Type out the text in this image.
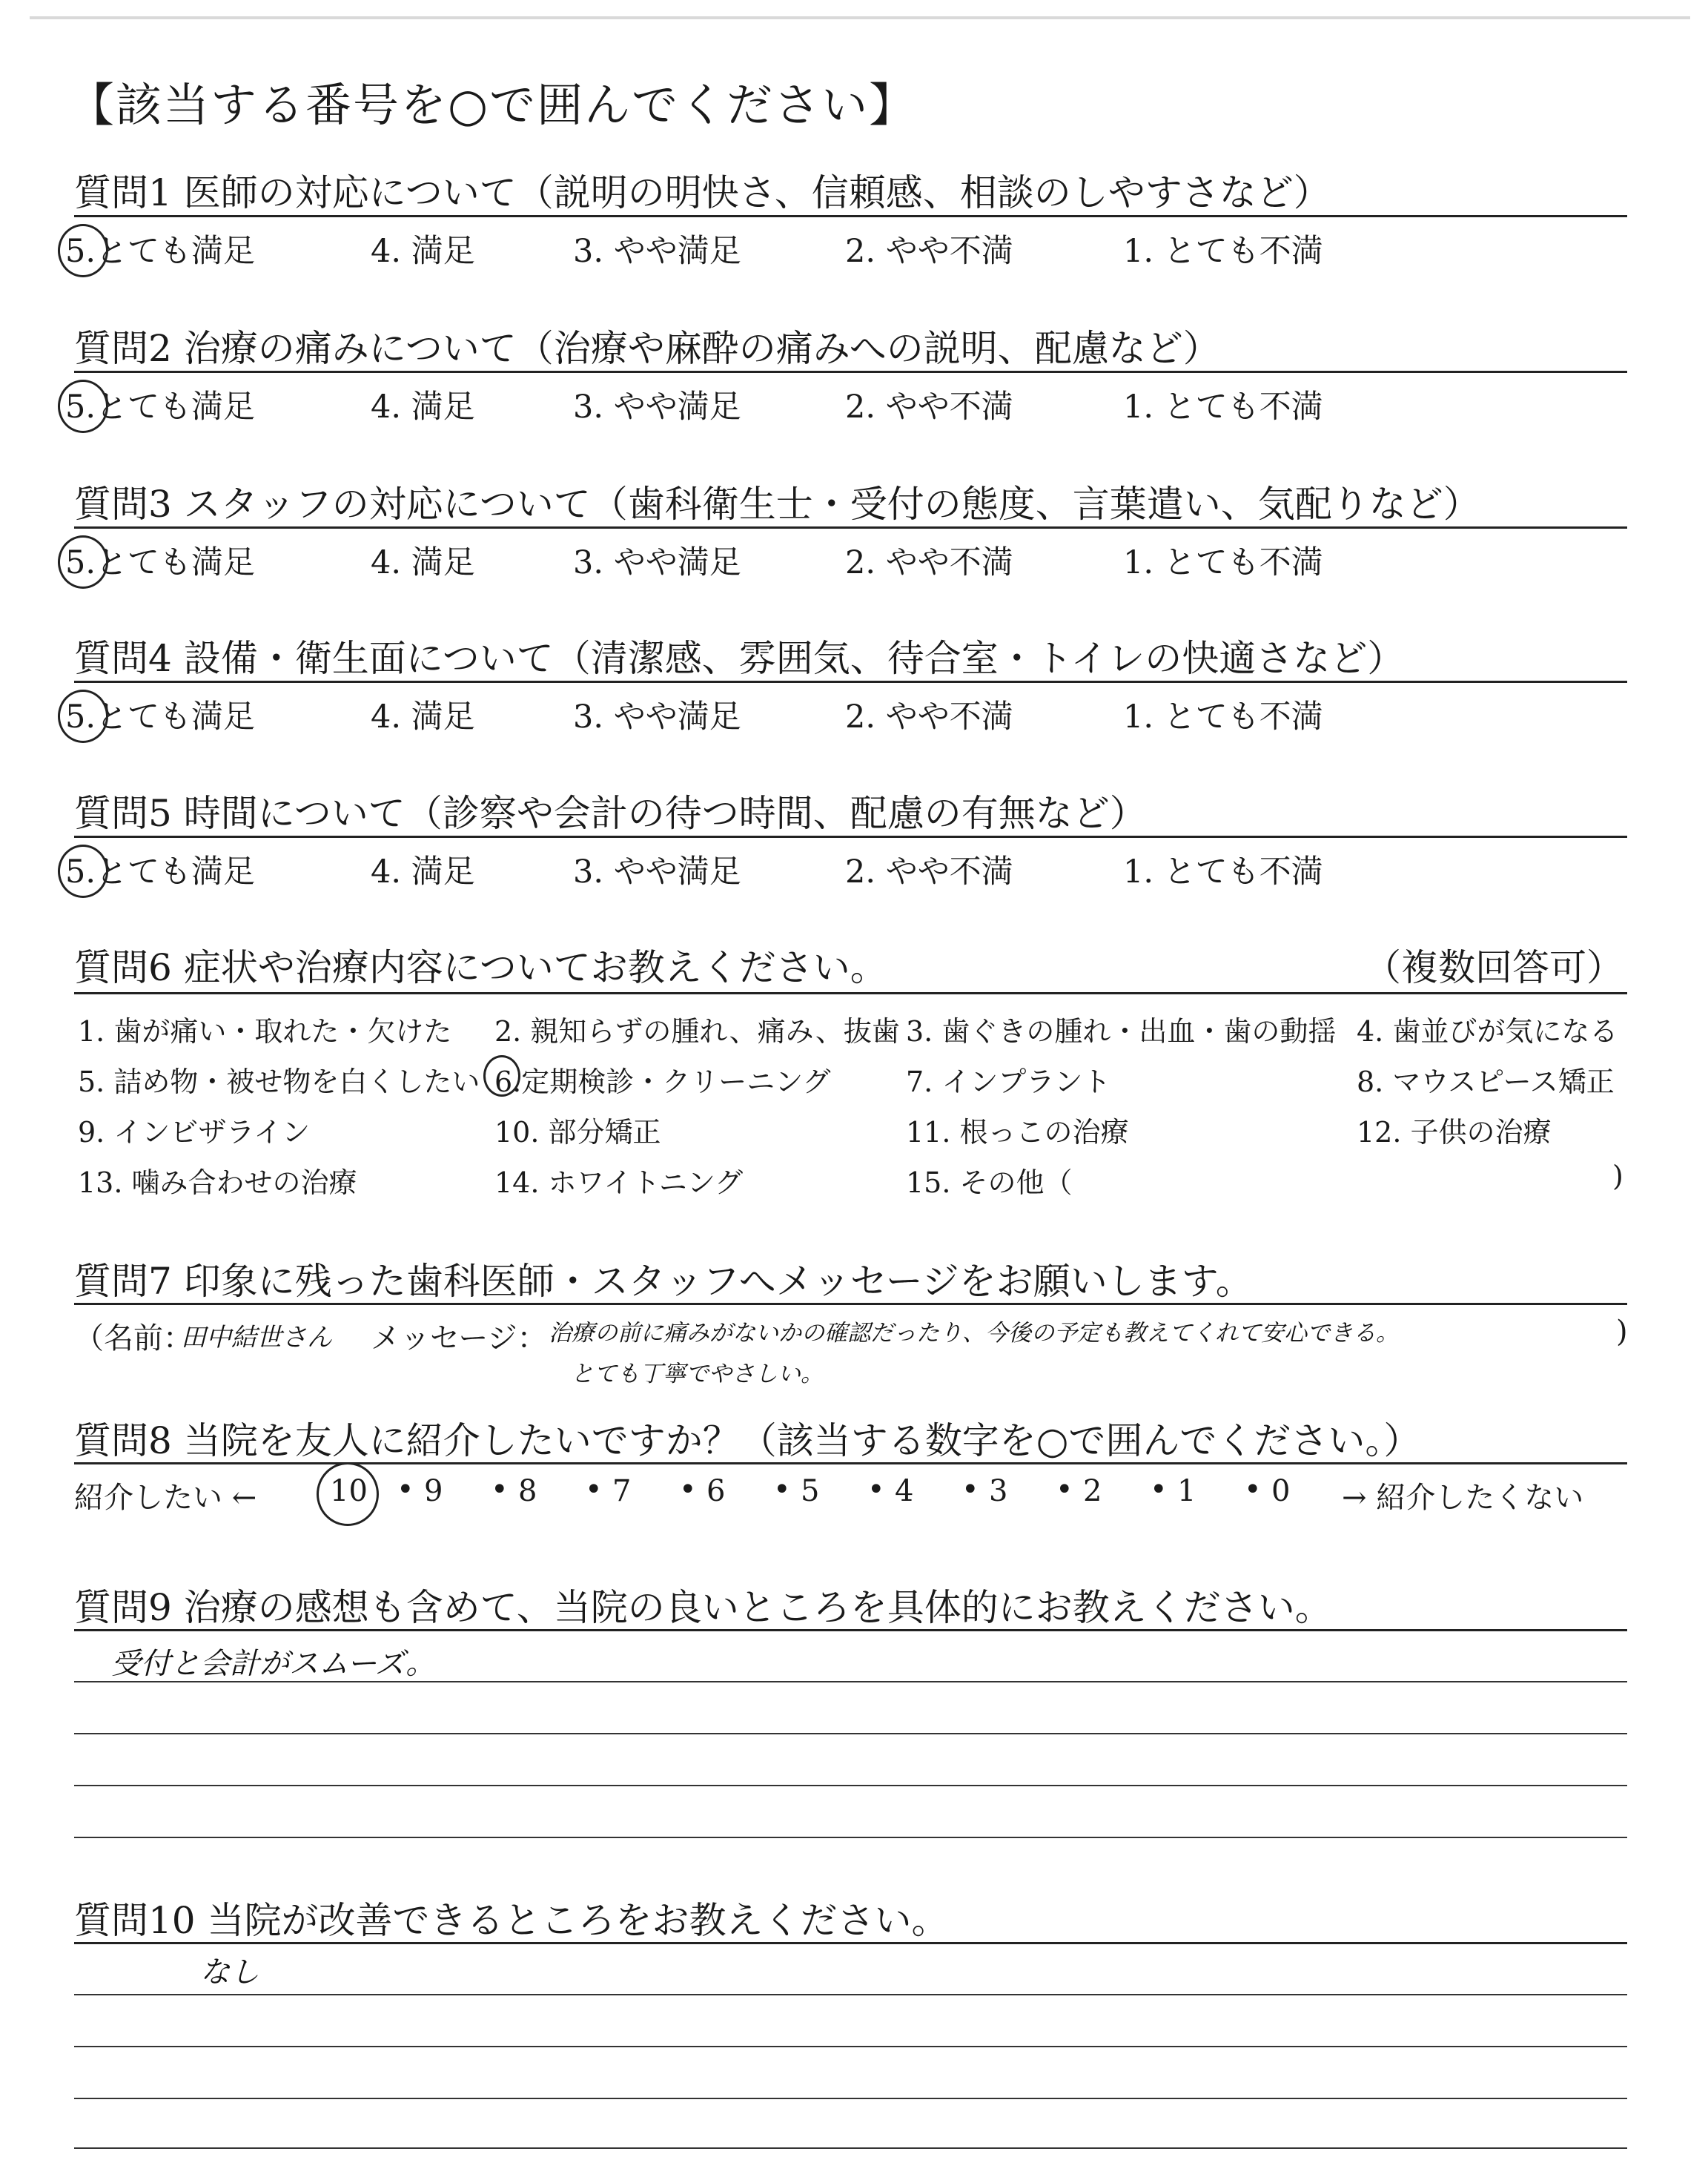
【該当する番号を○で囲んでください】
質問1 医師の対応について（説明の明快さ、信頼感、相談のしやすさなど）
5.とても満足	4. 満足	3. やや満足	2. やや不満	1. とても不満
質問2 治療の痛みについて（治療や麻酔の痛みへの説明、配慮など）
5.とても満足	4. 満足	3. やや満足	2. やや不満	1. とても不満
質問3 スタッフの対応について（歯科衛生士・受付の態度、言葉遣い、気配りなど）
5.とても満足	4. 満足	3. やや満足	2. やや不満	1. とても不満
質問4 設備・衛生面について（清潔感、雰囲気、待合室・トイレの快適さなど）
5.とても満足	4. 満足	3. やや満足	2. やや不満	1. とても不満
質問5 時間について（診察や会計の待つ時間、配慮の有無など）
5.とても満足	4. 満足	3. やや満足	2. やや不満	1. とても不満
質問6 症状や治療内容についてお教えください。	（複数回答可）
1. 歯が痛い・取れた・欠けた 2. 親知らずの腫れ、痛み、抜歯 3. 歯ぐきの腫れ・出血・歯の動揺 4. 歯並びが気になる
5. 詰め物・被せ物を白くしたい 6.定期検診・クリーニング	7. インプラント	8. マウスピース矯正
9. インビザライン	10. 部分矯正	11. 根っこの治療	12. 子供の治療
13. 噛み合わせの治療	14. ホワイトニング	15. その他（	)
質問7 印象に残った歯科医師・スタッフへメッセージをお願いします。
（名前：
田中結世さん メッセージ： 治療の前に痛みがないかの確認だったり、今後の予定も教えてくれて安心できる。
とても丁寧でやさしい。
)
質問8 当院を友人に紹介したいですか？（該当する数字を○で囲んでください。）
紹介したい ←	→ 紹介したくない
10 • 9 • 8 • 7 • 6 • 5 • 4 • 3 • 2 • 1 • 0
質問9 治療の感想も含めて、当院の良いところを具体的にお教えください。
受付と会計がスムーズ。
質問10 当院が改善できるところをお教えください。
なし
